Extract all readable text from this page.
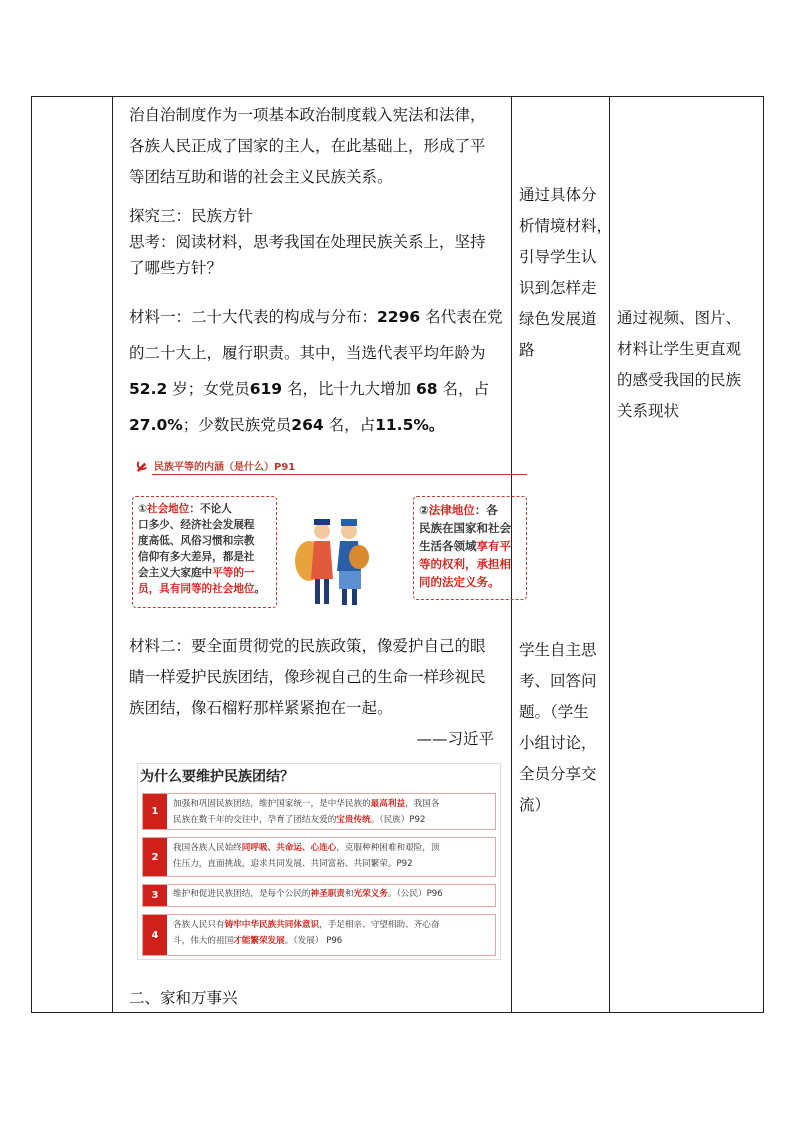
治自治制度作为一项基本政治制度载入宪法和法律，
各族人民正成了国家的主人，在此基础上，形成了平
等团结互助和谐的社会主义民族关系。
探究三：民族方针
思考：阅读材料，思考我国在处理民族关系上，坚持
了哪些方针？
材料一：二十大代表的构成与分布：2296 名代表在党
的二十大上，履行职责。其中，当选代表平均年龄为
52.2 岁；女党员619 名，比十九大增加 68 名，占
27.0%；少数民族党员264 名，占11.5%。
材料二：要全面贯彻党的民族政策，像爱护自己的眼
睛一样爱护民族团结，像珍视自己的生命一样珍视民
族团结，像石榴籽那样紧紧抱在一起。
——习近平
二、家和万事兴
通过具体分
析情境材料，
引导学生认
识到怎样走
绿色发展道
路
学生自主思
考、回答问
题。（学生
小组讨论，
全员分享交
流）
通过视频、图片、
材料让学生更直观
的感受我国的民族
关系现状
民族平等的内涵（是什么）P91
①社会地位：不论人
口多少、经济社会发展程
度高低、风俗习惯和宗教
信仰有多大差异，都是社
会主义大家庭中平等的一
员，具有同等的社会地位。
②法律地位：各
民族在国家和社会
生活各领域享有平
等的权利，承担相
同的法定义务。
为什么要维护民族团结？
1
加强和巩固民族团结，维护国家统一，是中华民族的最高利益，我国各
民族在数千年的交往中，孕育了团结友爱的宝贵传统。（民族）P92
2
我国各族人民始终同呼吸、共命运、心连心，克服种种困难和艰险，顶
住压力，直面挑战，追求共同发展、共同富裕、共同繁荣。P92
3	维护和促进民族团结，是每个公民的神圣职责和光荣义务。（公民）P96
4
各族人民只有铸牢中华民族共同体意识，手足相亲、守望相助、齐心奋
斗，伟大的祖国才能繁荣发展。（发展） P96
